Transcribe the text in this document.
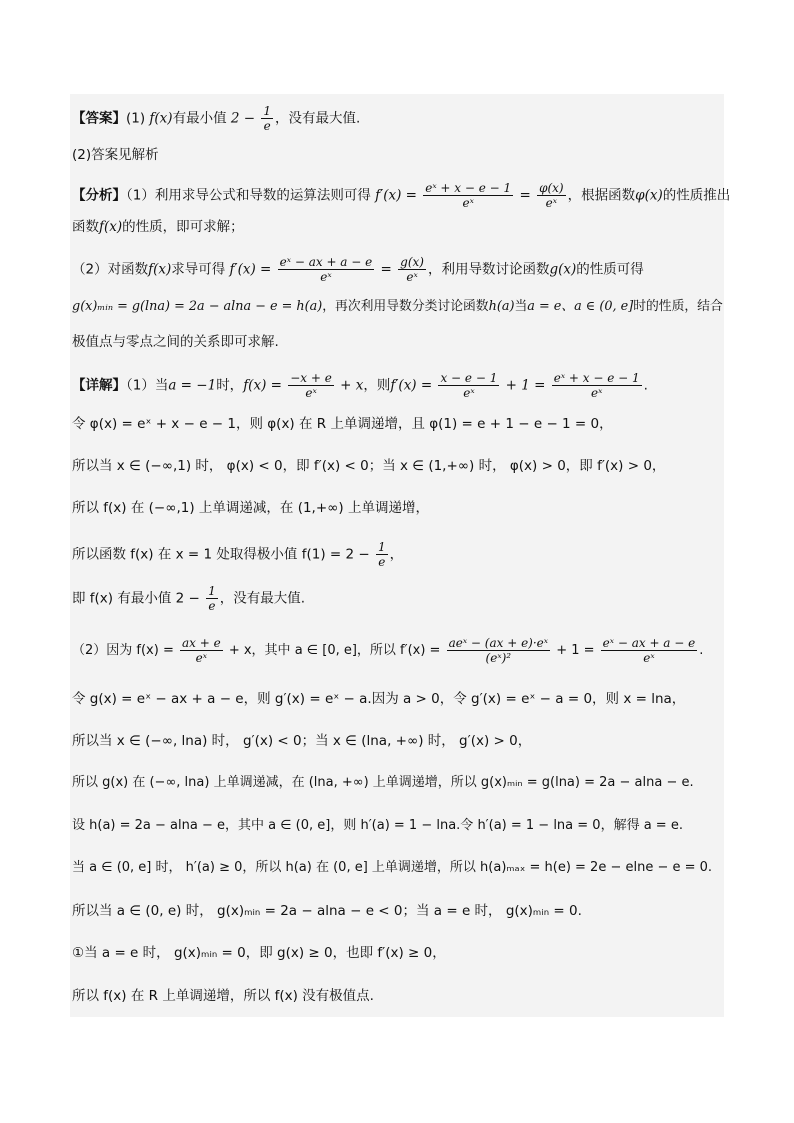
【答案】(1) f(x)有最小值 $2 - \frac{1}{e}$ ，没有最大值.
(2)答案见解析
【分析】（1）利用求导公式和导数的运算法则可得 $f'(x) = \frac{\text{eˣ + x − e − 1}}{\text{eˣ}} = \frac{\varphi(x)}{\text{eˣ}}$ ，根据函数φ(x)的性质推出
函数f(x)的性质，即可求解；
（2）对函数f(x)求导可得 $f'(x) = \frac{\text{eˣ − ax + a − e}}{\text{eˣ}} = \frac{g(x)}{\text{eˣ}}$ ，利用导数讨论函数g(x)的性质可得
g(x)ₘᵢₙ = g(lna) = 2a − alna − e = h(a)，再次利用导数分类讨论函数h(a)当a = e、a ∈ (0, e]时的性质，结合
极值点与零点之间的关系即可求解.
【详解】（1）当a = −1时，$f(x) = \frac{-x + e}{\text{eˣ}} + x$，则$f'(x) = \frac{x - e - 1}{\text{eˣ}} + 1 = \frac{\text{eˣ + x − e − 1}}{\text{eˣ}}$ .
令 φ(x) = eˣ + x − e − 1，则 φ(x) 在 R 上单调递增，且 φ(1) = e + 1 − e − 1 = 0，
所以当 x ∈ (−∞,1) 时， φ(x) < 0，即 f′(x) < 0；当 x ∈ (1,+∞) 时， φ(x) > 0，即 f′(x) > 0，
所以 f(x) 在 (−∞,1) 上单调递减，在 (1,+∞) 上单调递增，
所以函数 f(x) 在 x = 1 处取得极小值 $f(1) = 2 - \frac{1}{e}$ ，
即 f(x) 有最小值 $2 - \frac{1}{e}$ ，没有最大值.
（2）因为 $f(x) = \frac{ax + e}{\text{eˣ}} + x$，其中 a ∈ [0, e]，所以 $f'(x) = \frac{\text{aeˣ − (ax + e)·eˣ}}{\text{(eˣ)²}} + 1 = \frac{\text{eˣ − ax + a − e}}{\text{eˣ}}$ .
令 g(x) = eˣ − ax + a − e，则 g′(x) = eˣ − a.因为 a > 0，令 g′(x) = eˣ − a = 0，则 x = lna，
所以当 x ∈ (−∞, lna) 时， g′(x) < 0；当 x ∈ (lna, +∞) 时， g′(x) > 0，
所以 g(x) 在 (−∞, lna) 上单调递减，在 (lna, +∞) 上单调递增，所以 g(x)ₘᵢₙ = g(lna) = 2a − alna − e.
设 h(a) = 2a − alna − e，其中 a ∈ (0, e]，则 h′(a) = 1 − lna.令 h′(a) = 1 − lna = 0，解得 a = e.
当 a ∈ (0, e] 时， h′(a) ≥ 0，所以 h(a) 在 (0, e] 上单调递增，所以 h(a)ₘₐₓ = h(e) = 2e − elne − e = 0.
所以当 a ∈ (0, e) 时， g(x)ₘᵢₙ = 2a − alna − e < 0；当 a = e 时， g(x)ₘᵢₙ = 0.
①当 a = e 时， g(x)ₘᵢₙ = 0，即 g(x) ≥ 0，也即 f′(x) ≥ 0，
所以 f(x) 在 R 上单调递增，所以 f(x) 没有极值点.
